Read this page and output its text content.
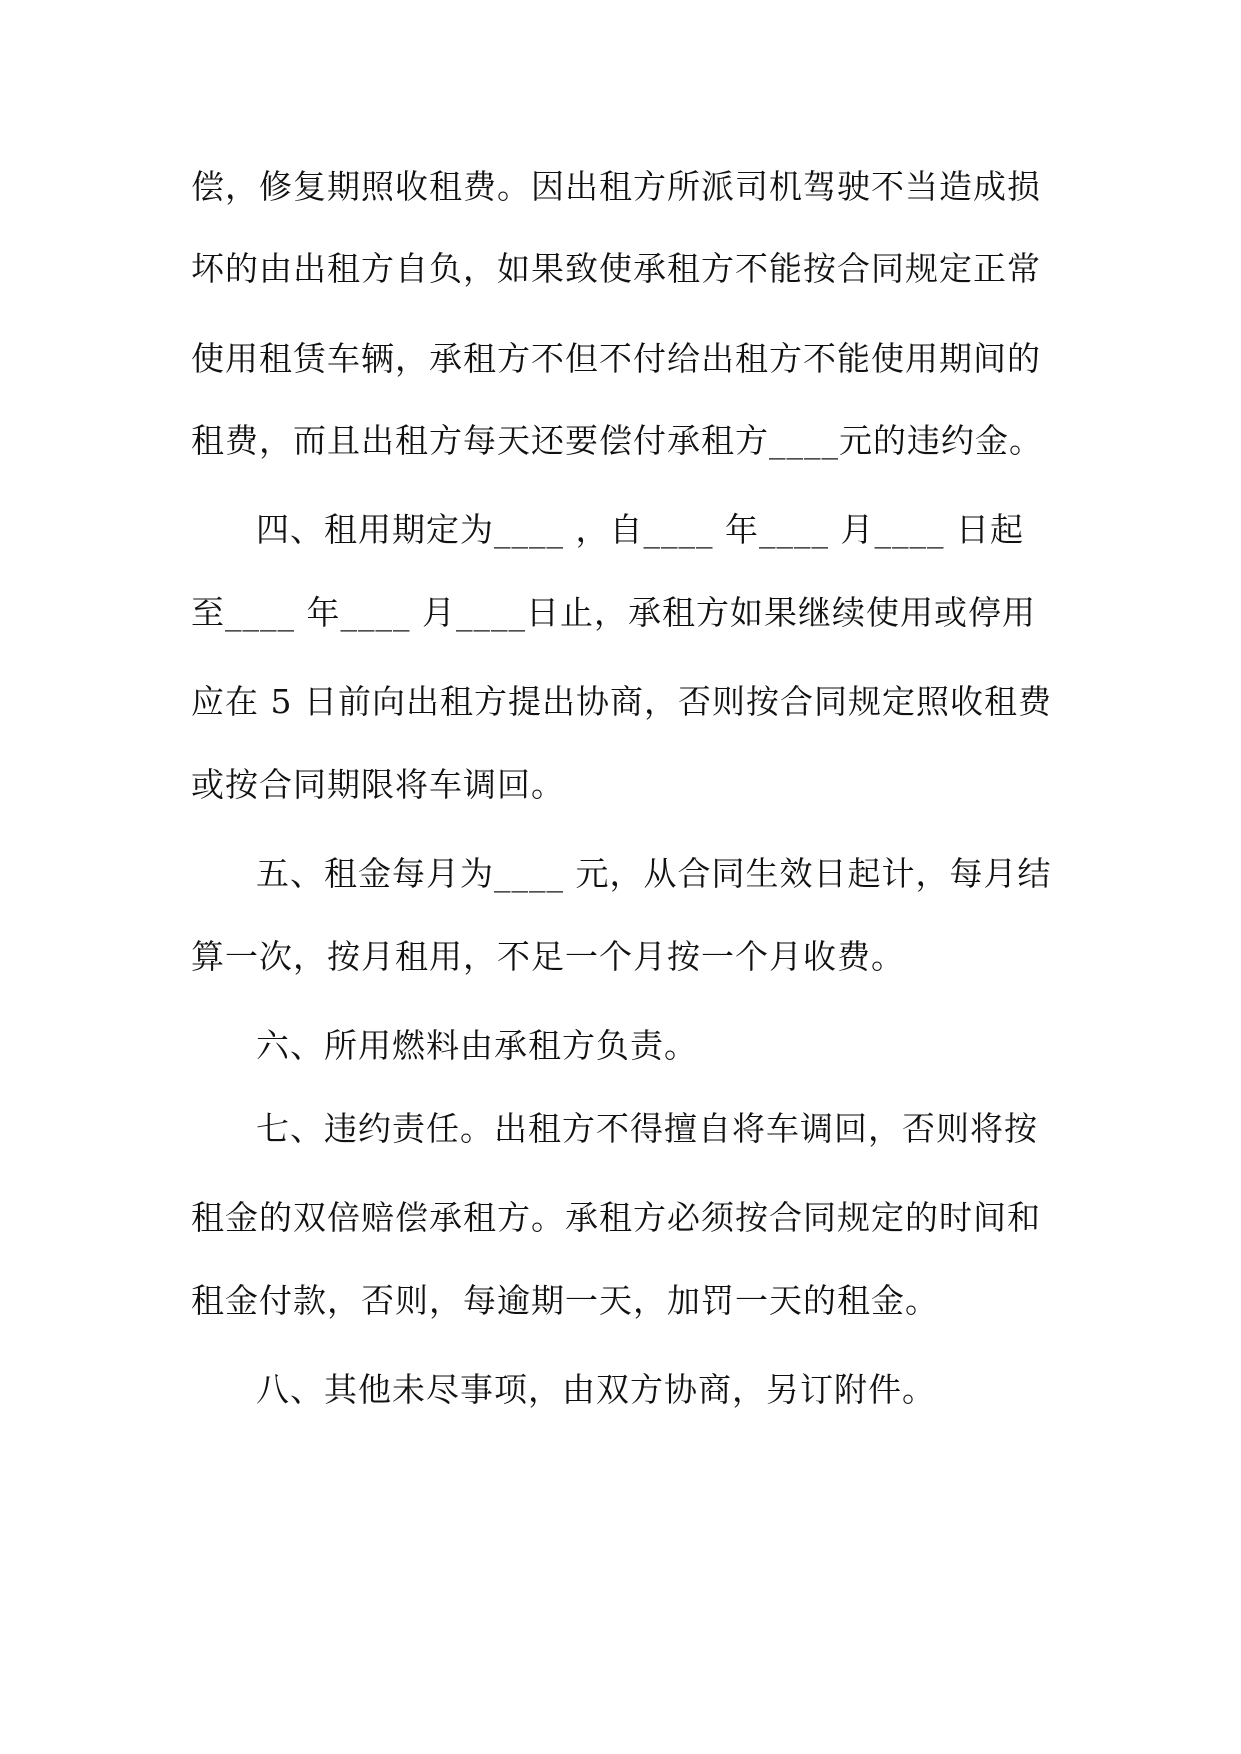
偿，修复期照收租费。因出租方所派司机驾驶不当造成损
坏的由出租方自负，如果致使承租方不能按合同规定正常
使用租赁车辆，承租方不但不付给出租方不能使用期间的
租费，而且出租方每天还要偿付承租方____元的违约金。
四、租用期定为____ ，自____ 年____ 月____ 日起
至____ 年____ 月____日止，承租方如果继续使用或停用
应在 5 日前向出租方提出协商，否则按合同规定照收租费
或按合同期限将车调回。
五、租金每月为____ 元，从合同生效日起计，每月结
算一次，按月租用，不足一个月按一个月收费。
六、所用燃料由承租方负责。
七、违约责任。出租方不得擅自将车调回，否则将按
租金的双倍赔偿承租方。承租方必须按合同规定的时间和
租金付款，否则，每逾期一天，加罚一天的租金。
八、其他未尽事项，由双方协商，另订附件。
